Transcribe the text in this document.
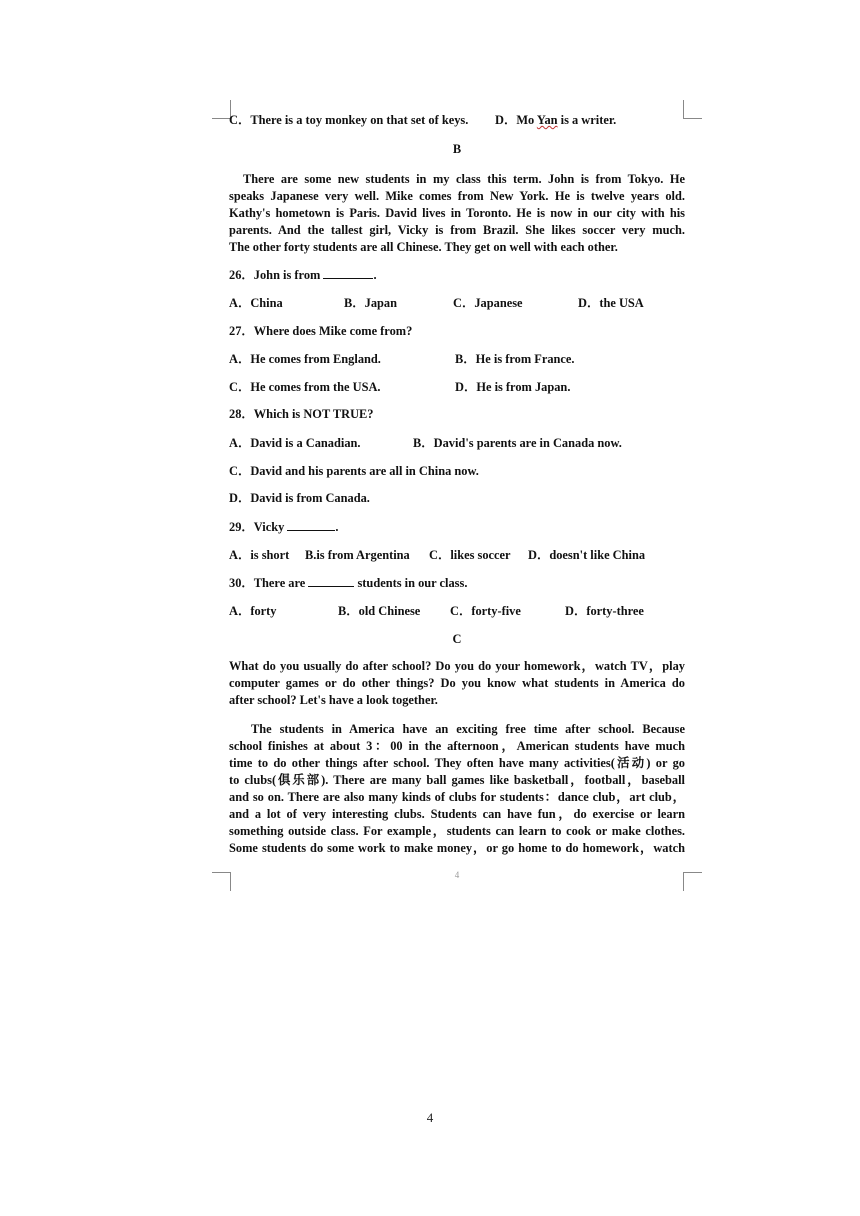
C．There is a toy monkey on that set of keys. D．Mo Yan is a writer.
B
There are some new students in my class this term. John is from Tokyo. He
speaks Japanese very well. Mike comes from New York. He is twelve years old.
Kathy's hometown is Paris. David lives in Toronto. He is now in our city with his
parents. And the tallest girl, Vicky is from Brazil. She likes soccer very much.
The other forty students are all Chinese. They get on well with each other.
26．John is from	.
A．China	B．Japan	C．Japanese	D．the USA
27．Where does Mike come from?
A．He comes from England.	B．He is from France.
C．He comes from the USA.	D．He is from Japan.
28．Which is NOT TRUE?
A．David is a Canadian.	B．David's parents are in Canada now.
C．David and his parents are all in China now.
D．David is from Canada.
29．Vicky	.
A．is short B.is from Argentina C．likes soccer D．doesn't like China
30．There are	students in our class.
A．forty	B．old Chinese C．forty-five	D．forty-three
C
What do you usually do after school? Do you do your homework，watch TV，play
computer games or do other things? Do you know what students in America do
after school? Let's have a look together.
The students in America have an exciting free time after school. Because
school finishes at about 3：00 in the afternoon，American students have much
time to do other things after school. They often have many activities(活动) or go
to clubs(俱乐部). There are many ball games like basketball，football，baseball
and so on. There are also many kinds of clubs for students：dance club，art club，
and a lot of very interesting clubs. Students can have fun，do exercise or learn
something outside class. For example，students can learn to cook or make clothes.
Some students do some work to make money，or go home to do homework，watch
4
4
